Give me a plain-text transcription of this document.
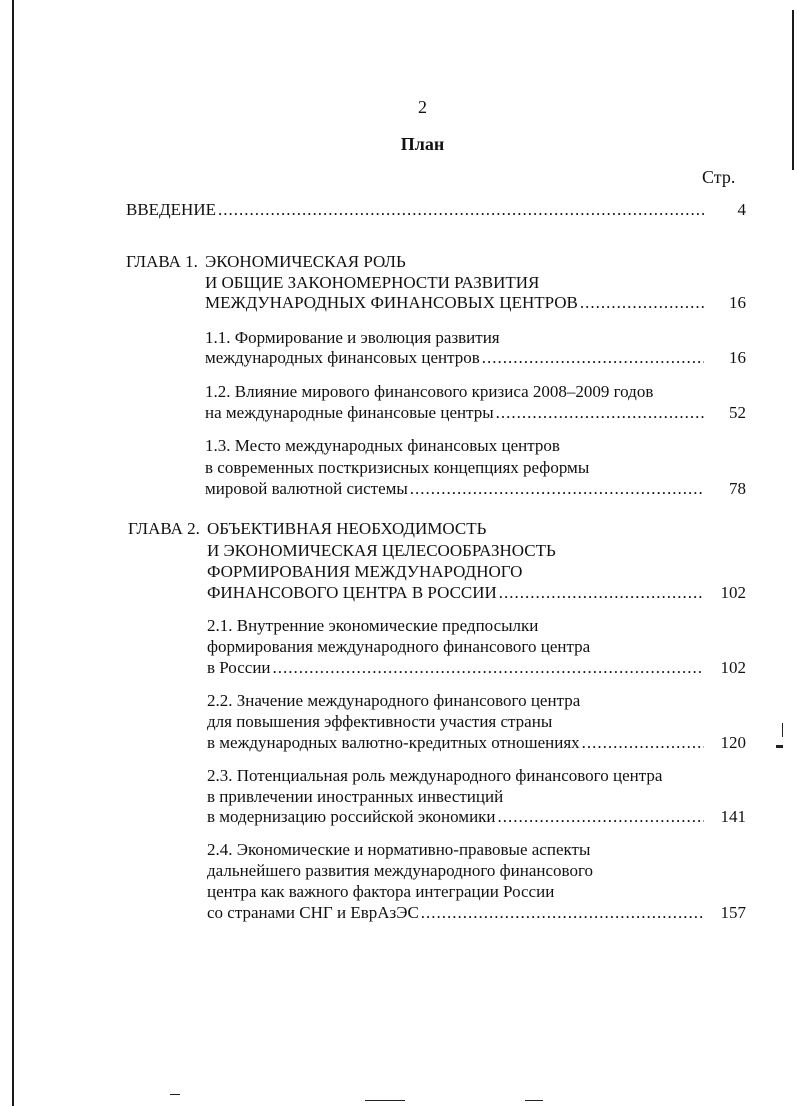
2
План
Стр.
ВВЕДЕНИЕ .....	4
ГЛАВА 1. ЭКОНОМИЧЕСКАЯ РОЛЬ
И ОБЩИЕ ЗАКОНОМЕРНОСТИ РАЗВИТИЯ
МЕЖДУНАРОДНЫХ ФИНАНСОВЫХ ЦЕНТРОВ .....	16
1.1. Формирование и эволюция развития
международных финансовых центров .....	16
1.2. Влияние мирового финансового кризиса 2008–2009 годов
на международные финансовые центры .....	52
1.3. Место международных финансовых центров
в современных посткризисных концепциях реформы
мировой валютной системы .....	78
ГЛАВА 2. ОБЪЕКТИВНАЯ НЕОБХОДИМОСТЬ
И ЭКОНОМИЧЕСКАЯ ЦЕЛЕСООБРАЗНОСТЬ
ФОРМИРОВАНИЯ МЕЖДУНАРОДНОГО
ФИНАНСОВОГО ЦЕНТРА В РОССИИ .....	102
2.1. Внутренние экономические предпосылки
формирования международного финансового центра
в России .....	102
2.2. Значение международного финансового центра
для повышения эффективности участия страны
в международных валютно-кредитных отношениях .....	120
2.3. Потенциальная роль международного финансового центра
в привлечении иностранных инвестиций
в модернизацию российской экономики .....	141
2.4. Экономические и нормативно-правовые аспекты
дальнейшего развития международного финансового
центра как важного фактора интеграции России
со странами СНГ и ЕврАзЭС .....	157
